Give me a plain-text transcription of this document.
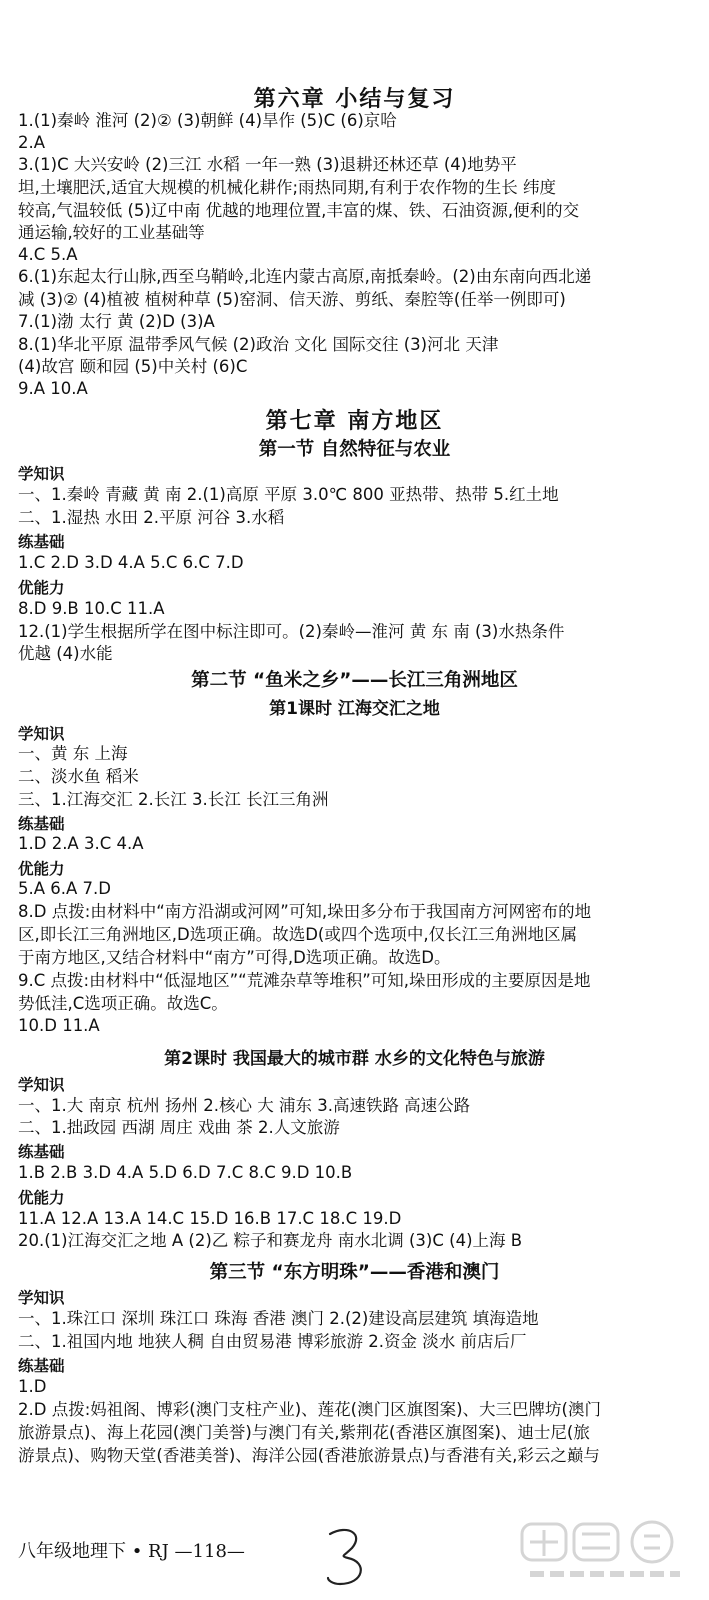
第六章 小结与复习
1.(1)秦岭 淮河 (2)② (3)朝鲜 (4)旱作 (5)C (6)京哈
2.A
3.(1)C 大兴安岭 (2)三江 水稻 一年一熟 (3)退耕还林还草 (4)地势平
坦,土壤肥沃,适宜大规模的机械化耕作;雨热同期,有利于农作物的生长 纬度
较高,气温较低 (5)辽中南 优越的地理位置,丰富的煤、铁、石油资源,便利的交
通运输,较好的工业基础等
4.C 5.A
6.(1)东起太行山脉,西至乌鞘岭,北连内蒙古高原,南抵秦岭。(2)由东南向西北递
减 (3)② (4)植被 植树种草 (5)窑洞、信天游、剪纸、秦腔等(任举一例即可)
7.(1)渤 太行 黄 (2)D (3)A
8.(1)华北平原 温带季风气候 (2)政治 文化 国际交往 (3)河北 天津
(4)故宫 颐和园 (5)中关村 (6)C
9.A 10.A
第七章 南方地区
第一节 自然特征与农业
学知识
一、1.秦岭 青藏 黄 南 2.(1)高原 平原 3.0℃ 800 亚热带、热带 5.红土地
二、1.湿热 水田 2.平原 河谷 3.水稻
练基础
1.C 2.D 3.D 4.A 5.C 6.C 7.D
优能力
8.D 9.B 10.C 11.A
12.(1)学生根据所学在图中标注即可。(2)秦岭—淮河 黄 东 南 (3)水热条件
优越 (4)水能
第二节 “鱼米之乡”——长江三角洲地区
第1课时 江海交汇之地
学知识
一、黄 东 上海
二、淡水鱼 稻米
三、1.江海交汇 2.长江 3.长江 长江三角洲
练基础
1.D 2.A 3.C 4.A
优能力
5.A 6.A 7.D
8.D 点拨:由材料中“南方沿湖或河网”可知,垛田多分布于我国南方河网密布的地
区,即长江三角洲地区,D选项正确。故选D(或四个选项中,仅长江三角洲地区属
于南方地区,又结合材料中“南方”可得,D选项正确。故选D。
9.C 点拨:由材料中“低湿地区”“荒滩杂草等堆积”可知,垛田形成的主要原因是地
势低洼,C选项正确。故选C。
10.D 11.A
第2课时 我国最大的城市群 水乡的文化特色与旅游
学知识
一、1.大 南京 杭州 扬州 2.核心 大 浦东 3.高速铁路 高速公路
二、1.拙政园 西湖 周庄 戏曲 茶 2.人文旅游
练基础
1.B 2.B 3.D 4.A 5.D 6.D 7.C 8.C 9.D 10.B
优能力
11.A 12.A 13.A 14.C 15.D 16.B 17.C 18.C 19.D
20.(1)江海交汇之地 A (2)乙 粽子和赛龙舟 南水北调 (3)C (4)上海 B
第三节 “东方明珠”——香港和澳门
学知识
一、1.珠江口 深圳 珠江口 珠海 香港 澳门 2.(2)建设高层建筑 填海造地
二、1.祖国内地 地狭人稠 自由贸易港 博彩旅游 2.资金 淡水 前店后厂
练基础
1.D
2.D 点拨:妈祖阁、博彩(澳门支柱产业)、莲花(澳门区旗图案)、大三巴牌坊(澳门
旅游景点)、海上花园(澳门美誉)与澳门有关,紫荆花(香港区旗图案)、迪士尼(旅
游景点)、购物天堂(香港美誉)、海洋公园(香港旅游景点)与香港有关,彩云之巅与
八年级地理下 • RJ —118—
